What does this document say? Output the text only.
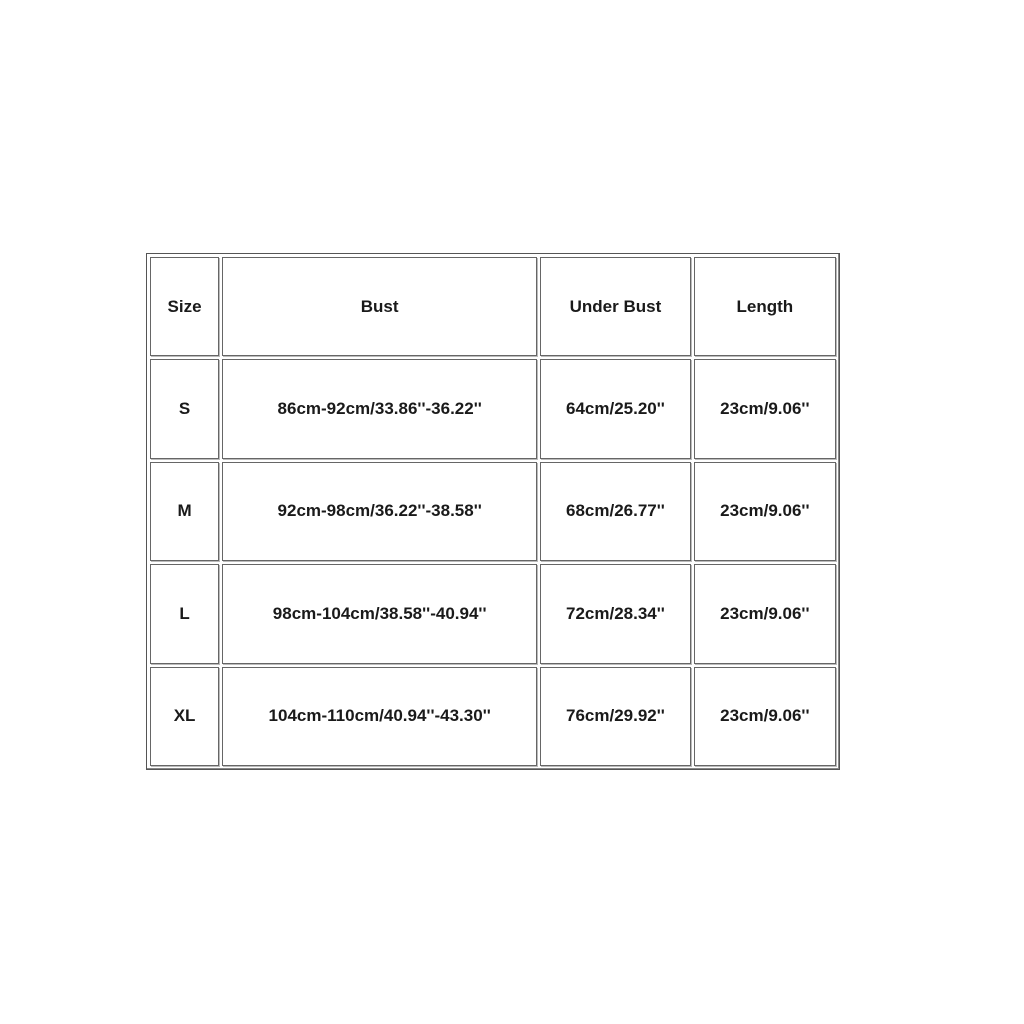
Size	Bust	Under Bust	Length
S	86cm-92cm/33.86''-36.22''	64cm/25.20''	23cm/9.06''
M	92cm-98cm/36.22''-38.58''	68cm/26.77''	23cm/9.06''
L	98cm-104cm/38.58''-40.94''	72cm/28.34''	23cm/9.06''
XL	104cm-110cm/40.94''-43.30''	76cm/29.92''	23cm/9.06''
